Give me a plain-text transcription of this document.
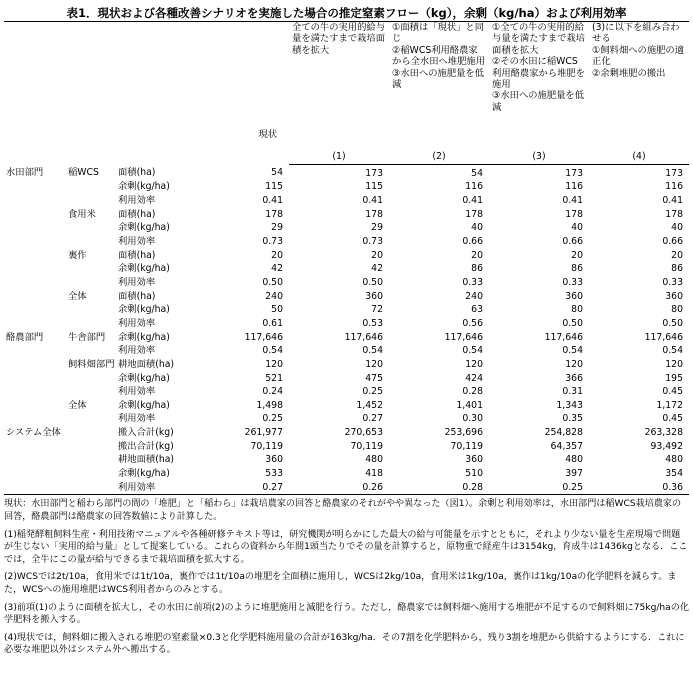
表1．現状および各種改善シナリオを実施した場合の推定窒素フロー（kg），余剰（kg/ha）および利用効率
			現状	全ての牛の実用的給与量を満たすまで栽培面積を拡大	①面積は「現状」と同じ
②稲WCS利用酪農家から全水田へ堆肥施用
③水田への施肥量を低減	①全ての牛の実用的給与量を満たすまで栽培面積を拡大
②その水田に稲WCS利用酪農家から堆肥を施用
③水田への施肥量を低減	(3)に以下を組み合わせる
①飼料畑への施肥の適正化
②余剰堆肥の搬出
				(1)	(2)	(3)	(4)
水田部門	稲WCS	面積(ha)	54	173	54	173	173
		余剰(kg/ha)	115	115	116	116	116
		利用効率	0.41	0.41	0.41	0.41	0.41
	食用米	面積(ha)	178	178	178	178	178
		余剰(kg/ha)	29	29	40	40	40
		利用効率	0.73	0.73	0.66	0.66	0.66
	裏作	面積(ha)	20	20	20	20	20
		余剰(kg/ha)	42	42	86	86	86
		利用効率	0.50	0.50	0.33	0.33	0.33
	全体	面積(ha)	240	360	240	360	360
		余剰(kg/ha)	50	72	63	80	80
		利用効率	0.61	0.53	0.56	0.50	0.50
酪農部門	牛舎部門	余剰(kg/ha)	117,646	117,646	117,646	117,646	117,646
		利用効率	0.54	0.54	0.54	0.54	0.54
	飼料畑部門	耕地面積(ha)	120	120	120	120	120
		余剰(kg/ha)	521	475	424	366	195
		利用効率	0.24	0.25	0.28	0.31	0.45
	全体	余剰(kg/ha)	1,498	1,452	1,401	1,343	1,172
		利用効率	0.25	0.27	0.30	0.35	0.45
システム全体		搬入合計(kg)	261,977	270,653	253,696	254,828	263,328
		搬出合計(kg)	70,119	70,119	70,119	64,357	93,492
		耕地面積(ha)	360	480	360	480	480
		余剰(kg/ha)	533	418	510	397	354
		利用効率	0.27	0.26	0.28	0.25	0.36

現状：水田部門と稲わら部門の間の「堆肥」と「稲わら」は栽培農家の回答と酪農家のそれがやや異なった（図1）。余剰と利用効率は，水田部門は稲WCS栽培農家の回答，酪農部門は酪農家の回答数値により計算した。

(1)稲発酵粗飼料生産・利用技術マニュアルや各種研修テキスト等は，研究機関が明らかにした最大の給与可能量を示すとともに，それより少ない量を生産現場で問題が生じない「実用的給与量」として提案している。これらの資料から年間1頭当たりでその量を計算すると，原物重で経産牛は3154kg，育成牛は1436kgとなる．ここでは，全牛にこの量が給与できるまで栽培面積を拡大する。

(2)WCSでは2t/10a，食用米では1t/10a，裏作では1t/10aの堆肥を全面積に施用し，WCSは2kg/10a，食用米は1kg/10a，裏作は1kg/10aの化学肥料を減らす。また，WCSへの施用堆肥はWCS利用者からのみとする。

(3)前項(1)のように面積を拡大し，その水田に前項(2)のように堆肥施用と減肥を行う。ただし，酪農家では飼料畑へ施用する堆肥が不足するので飼料畑に75kg/haの化学肥料を搬入する。

(4)現状では，飼料畑に搬入される堆肥の窒素量×0.3と化学肥料施用量の合計が163kg/ha．その7割を化学肥料から，残り3割を堆肥から供給するようにする．これに必要な堆肥以外はシステム外へ搬出する。
